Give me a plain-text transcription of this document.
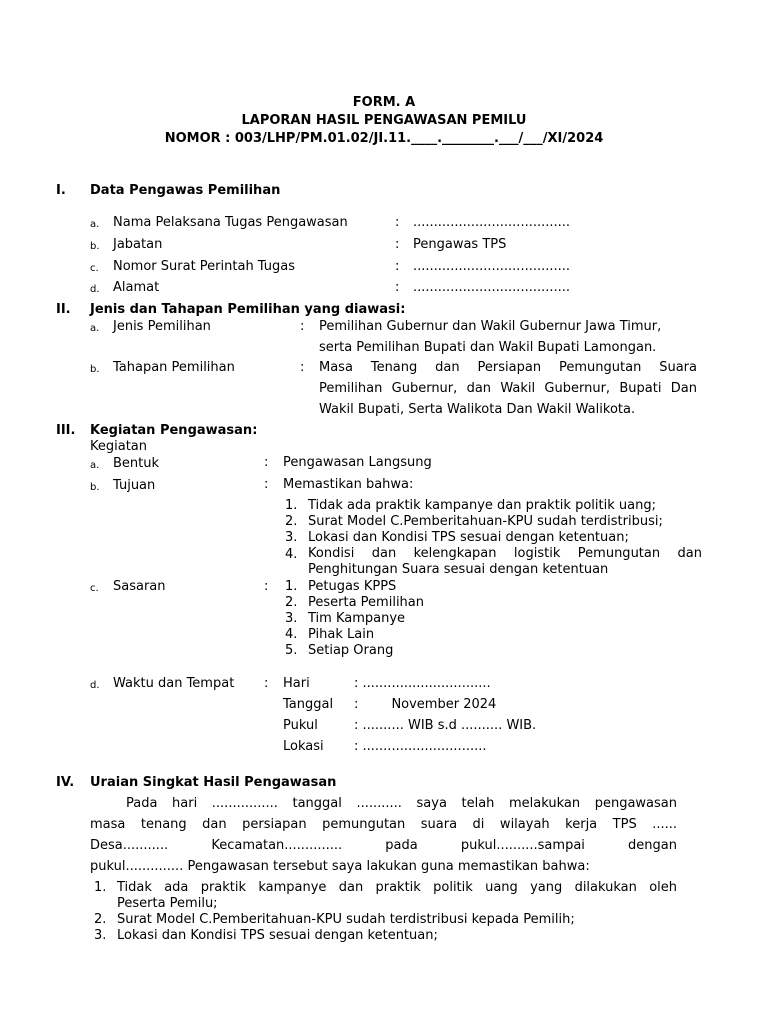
FORM. A
LAPORAN HASIL PENGAWASAN PEMILU
NOMOR : 003/LHP/PM.01.02/JI.11.____.________.___/___/XI/2024
I. Data Pengawas Pemilihan
a. Nama Pelaksana Tugas Pengawasan	: ......................................
b. Jabatan	: Pengawas TPS
c. Nomor Surat Perintah Tugas	: ......................................
d. Alamat	: ......................................
II. Jenis dan Tahapan Pemilihan yang diawasi:
a. Jenis Pemilihan	: Pemilihan Gubernur dan Wakil Gubernur Jawa Timur,
serta Pemilihan Bupati dan Wakil Bupati Lamongan.
b. Tahapan Pemilihan	: Masa Tenang dan Persiapan Pemungutan Suara
Pemilihan Gubernur, dan Wakil Gubernur, Bupati Dan
Wakil Bupati, Serta Walikota Dan Wakil Walikota.
III. Kegiatan Pengawasan:
Kegiatan
a. Bentuk	: Pengawasan Langsung
b. Tujuan	: Memastikan bahwa:
1. Tidak ada praktik kampanye dan praktik politik uang;
2. Surat Model C.Pemberitahuan-KPU sudah terdistribusi;
3. Lokasi dan Kondisi TPS sesuai dengan ketentuan;
4. Kondisi dan kelengkapan logistik Pemungutan dan
Penghitungan Suara sesuai dengan ketentuan
c. Sasaran	: 1. Petugas KPPS
2. Peserta Pemilihan
3. Tim Kampanye
4. Pihak Lain
5. Setiap Orang
d. Waktu dan Tempat : Hari	: ...............................
Tanggal :        November 2024
Pukul	: .......... WIB s.d .......... WIB.
Lokasi : ..............................
IV. Uraian Singkat Hasil Pengawasan
Pada hari ................ tanggal ........... saya telah melakukan pengawasan
masa tenang dan persiapan pemungutan suara di wilayah kerja TPS ......
Desa........... Kecamatan.............. pada pukul..........sampai dengan
pukul.............. Pengawasan tersebut saya lakukan guna memastikan bahwa:
1. Tidak ada praktik kampanye dan praktik politik uang yang dilakukan oleh
Peserta Pemilu;
2. Surat Model C.Pemberitahuan-KPU sudah terdistribusi kepada Pemilih;
3. Lokasi dan Kondisi TPS sesuai dengan ketentuan;
